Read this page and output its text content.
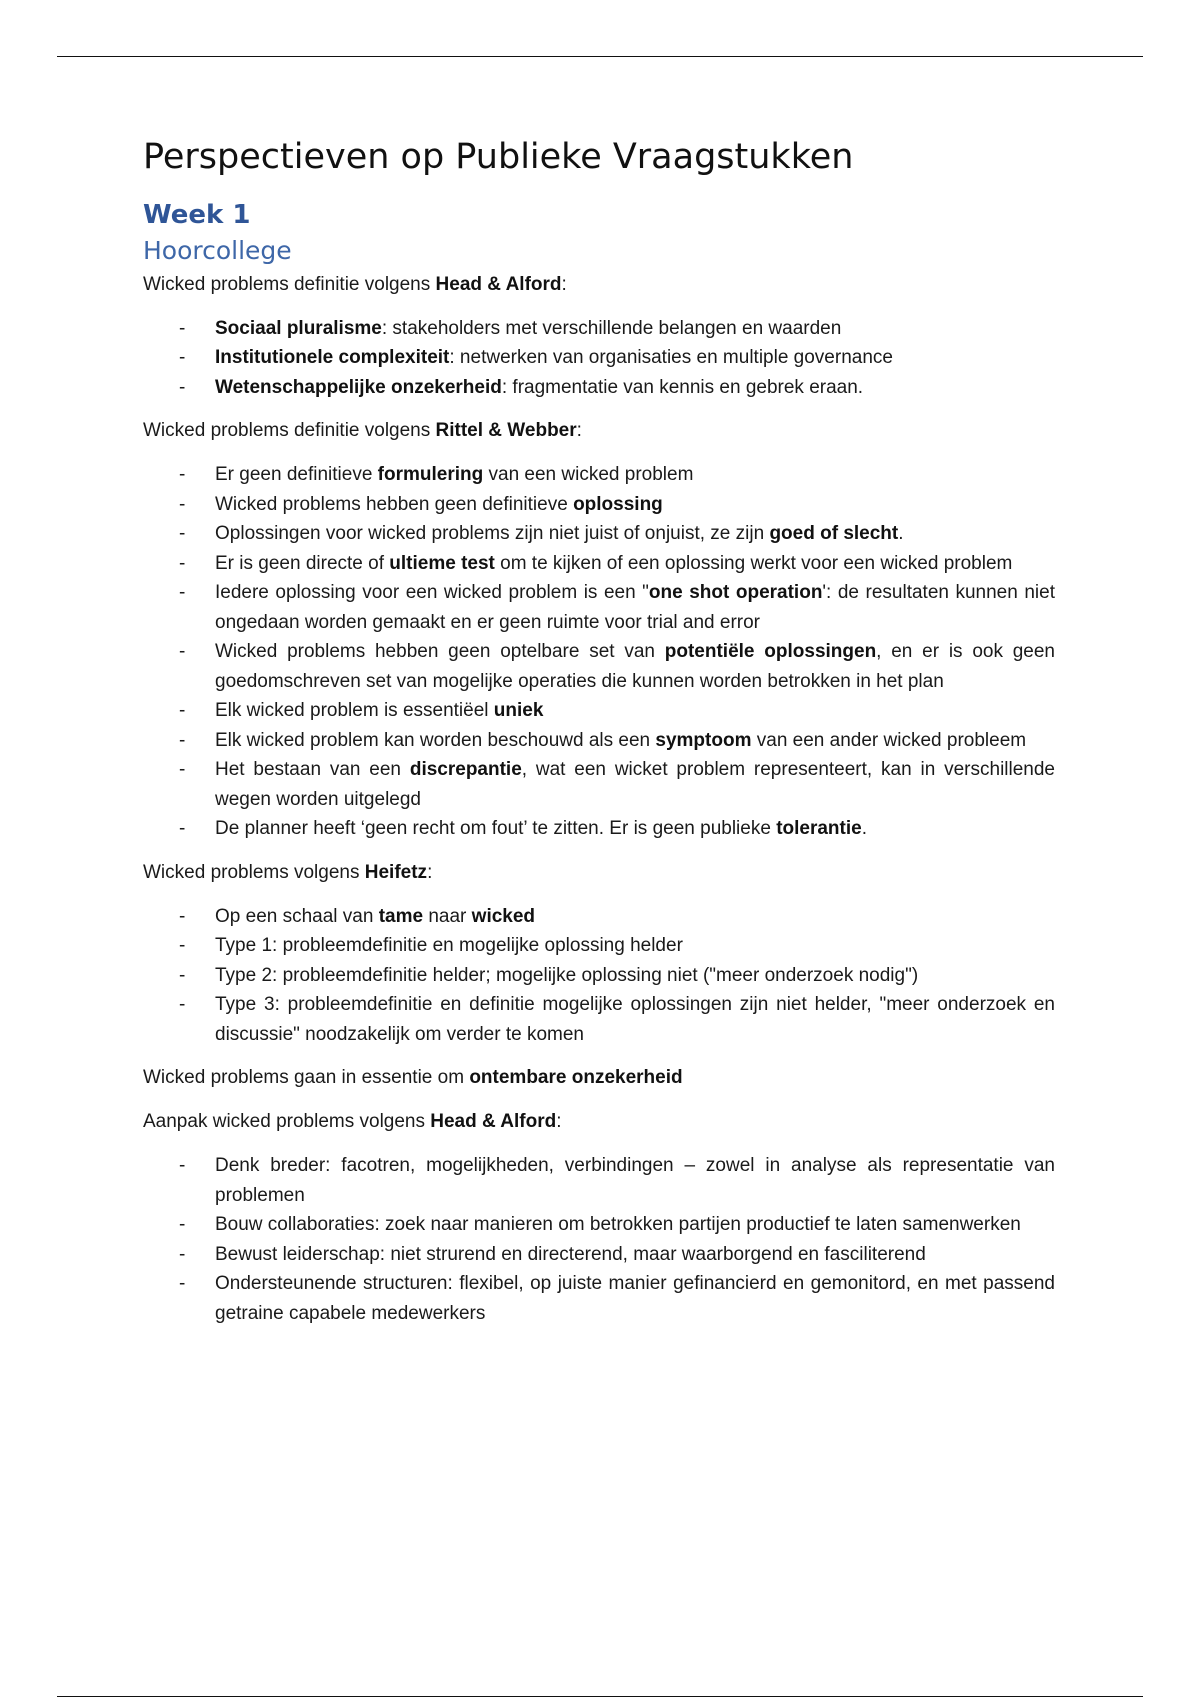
Perspectieven op Publieke Vraagstukken
Week 1
Hoorcollege

Wicked problems definitie volgens Head & Alford:

- Sociaal pluralisme: stakeholders met verschillende belangen en waarden
- Institutionele complexiteit: netwerken van organisaties en multiple governance
- Wetenschappelijke onzekerheid: fragmentatie van kennis en gebrek eraan.

Wicked problems definitie volgens Rittel & Webber:

- Er geen definitieve formulering van een wicked problem
- Wicked problems hebben geen definitieve oplossing
- Oplossingen voor wicked problems zijn niet juist of onjuist, ze zijn goed of slecht.
- Er is geen directe of ultieme test om te kijken of een oplossing werkt voor een wicked problem
- Iedere oplossing voor een wicked problem is een "one shot operation': de resultaten kunnen niet ongedaan worden gemaakt en er geen ruimte voor trial and error
- Wicked problems hebben geen optelbare set van potentiële oplossingen, en er is ook geen goedomschreven set van mogelijke operaties die kunnen worden betrokken in het plan
- Elk wicked problem is essentiëel uniek
- Elk wicked problem kan worden beschouwd als een symptoom van een ander wicked probleem
- Het bestaan van een discrepantie, wat een wicket problem representeert, kan in verschillende wegen worden uitgelegd
- De planner heeft ‘geen recht om fout’ te zitten. Er is geen publieke tolerantie.

Wicked problems volgens Heifetz:

- Op een schaal van tame naar wicked
- Type 1: probleemdefinitie en mogelijke oplossing helder
- Type 2: probleemdefinitie helder; mogelijke oplossing niet ("meer onderzoek nodig")
- Type 3: probleemdefinitie en definitie mogelijke oplossingen zijn niet helder, "meer onderzoek en discussie" noodzakelijk om verder te komen

Wicked problems gaan in essentie om ontembare onzekerheid

Aanpak wicked problems volgens Head & Alford:

- Denk breder: facotren, mogelijkheden, verbindingen – zowel in analyse als representatie van problemen
- Bouw collaboraties: zoek naar manieren om betrokken partijen productief te laten samenwerken
- Bewust leiderschap: niet strurend en directerend, maar waarborgend en fasciliterend
- Ondersteunende structuren: flexibel, op juiste manier gefinancierd en gemonitord, en met passend getraine capabele medewerkers
